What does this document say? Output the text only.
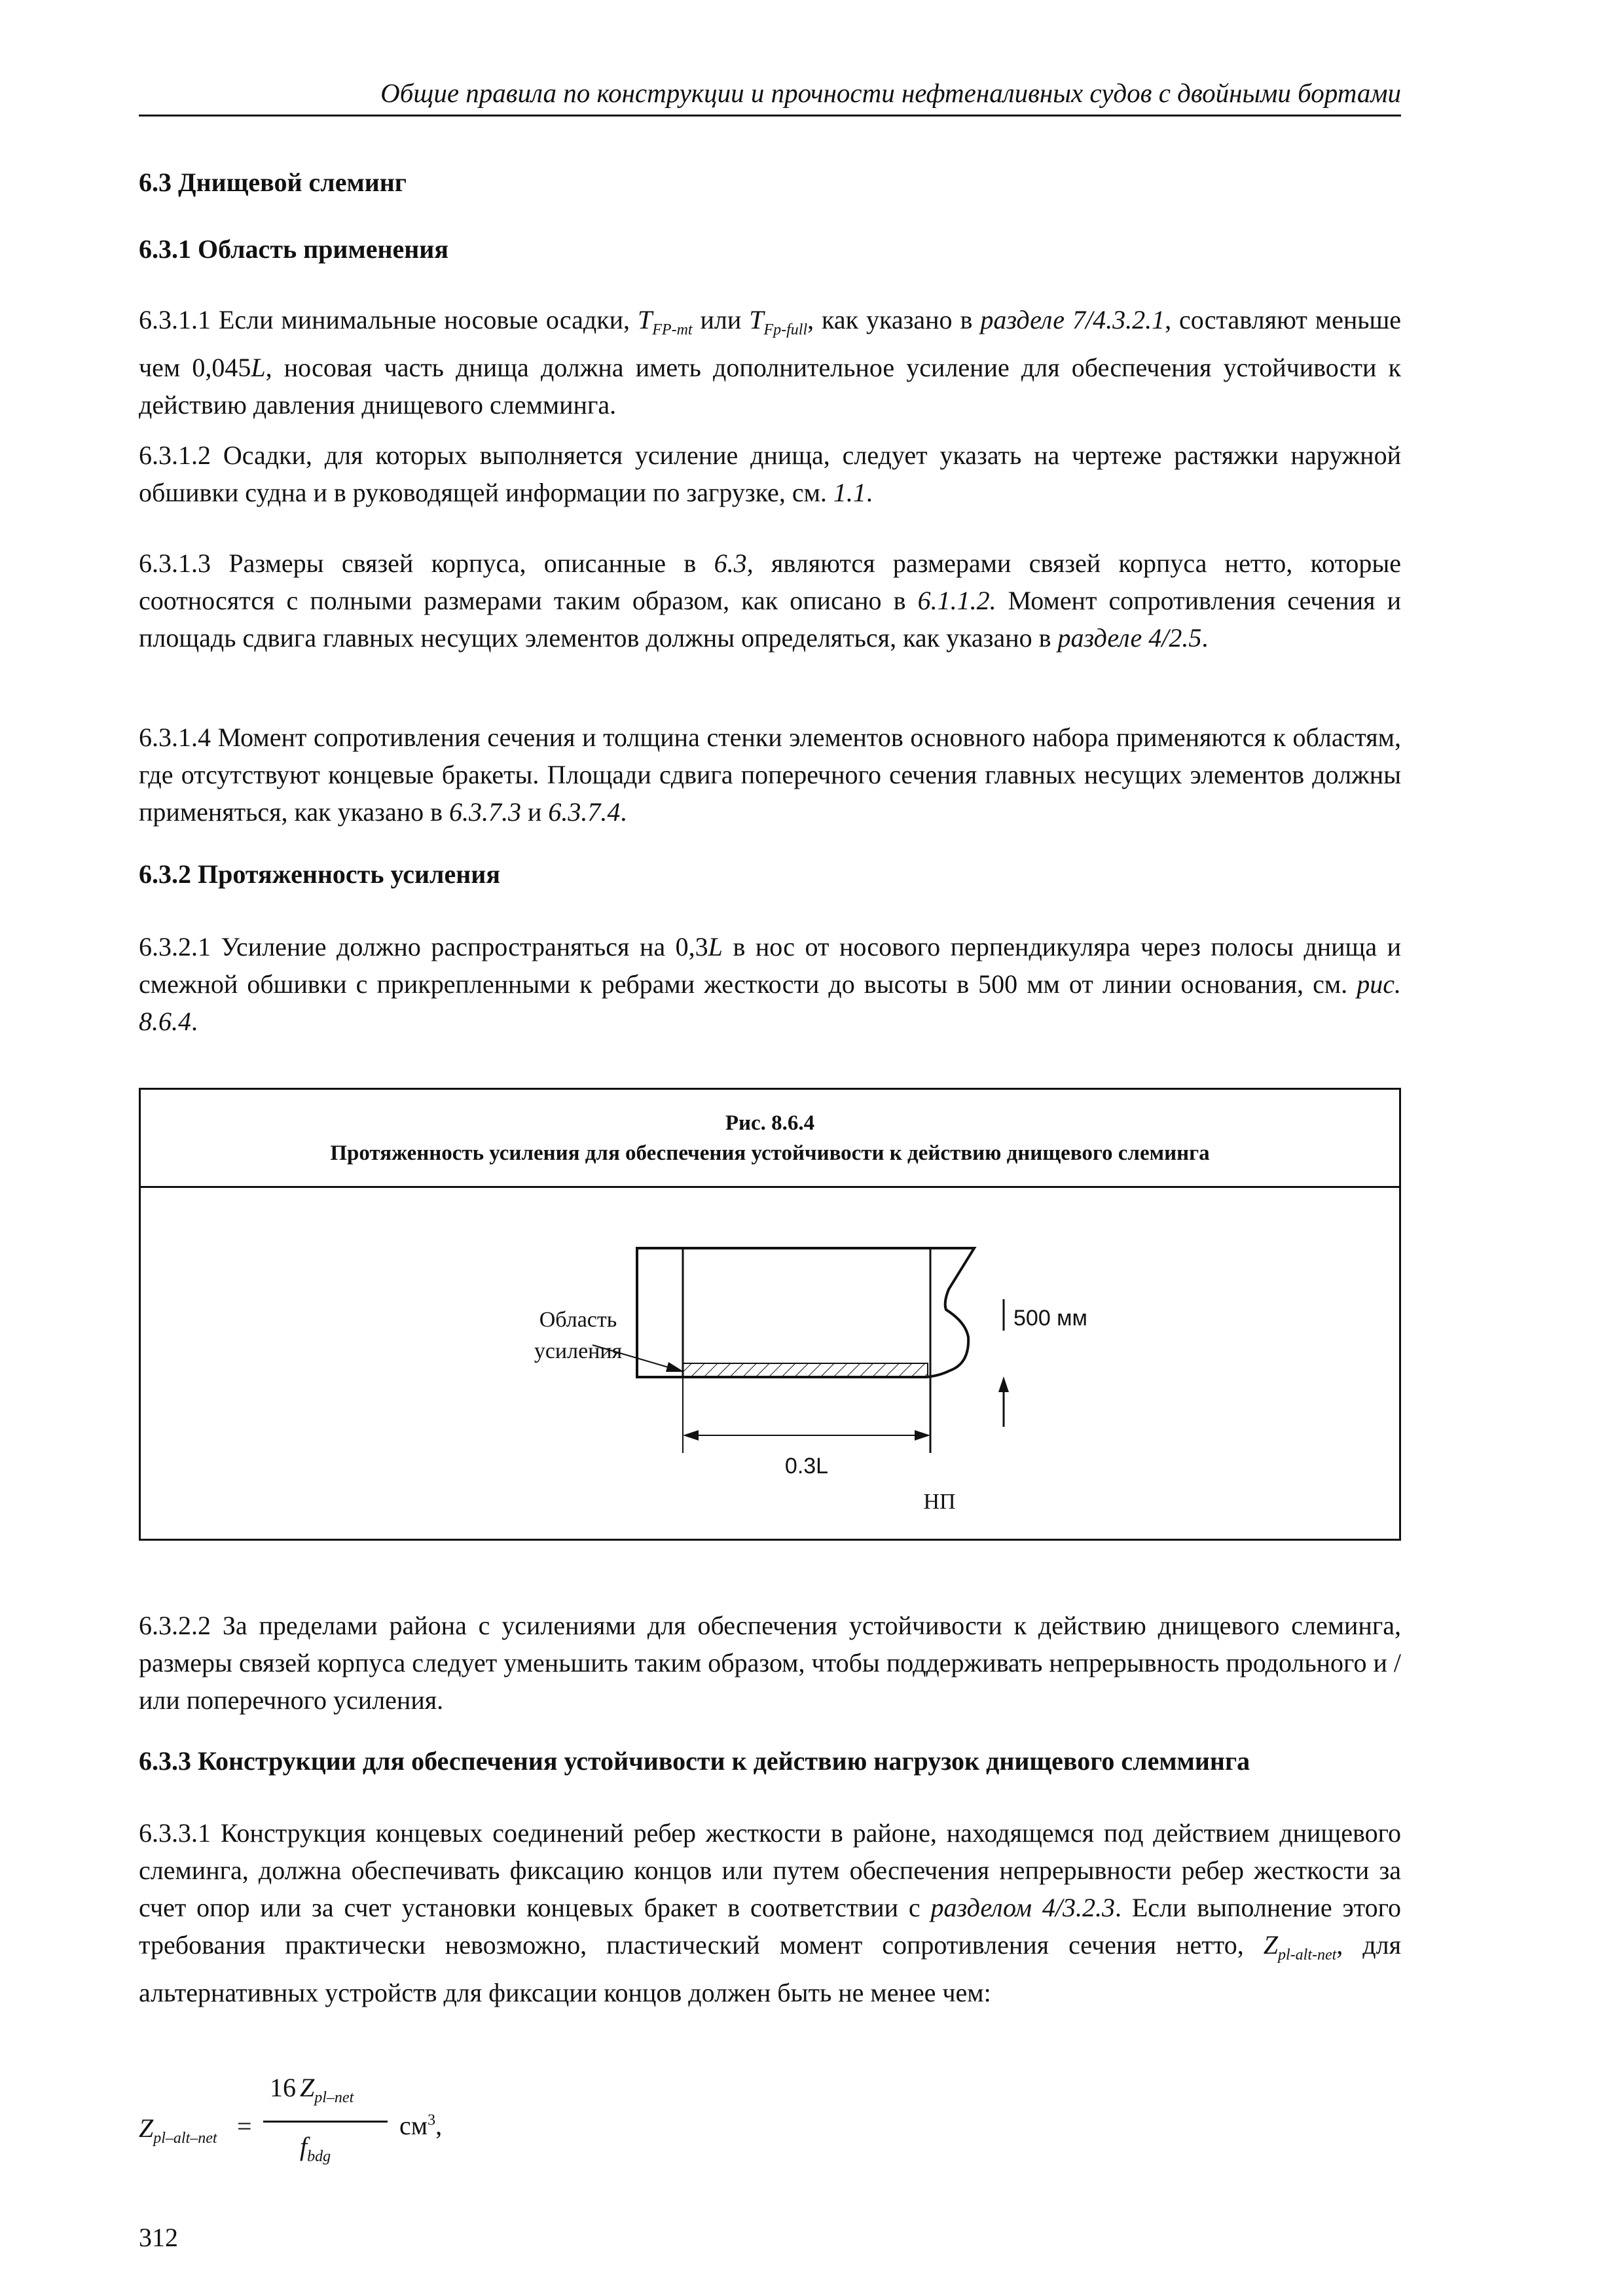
Общие правила по конструкции и прочности нефтеналивных судов с двойными бортами
6.3 Днищевой слеминг
6.3.1 Область применения

6.3.1.1 Если минимальные носовые осадки, $T_{FP-mt}$ или $T_{Fp-full}$, как указано в разделе 7/4.3.2.1, составляют меньше чем 0,045L, носовая часть днища должна иметь дополнительное усиление для обеспечения устойчивости к действию давления днищевого слемминга.

6.3.1.2 Осадки, для которых выполняется усиление днища, следует указать на чертеже растяжки наружной обшивки судна и в руководящей информации по загрузке, см. 1.1.

6.3.1.3 Размеры связей корпуса, описанные в 6.3, являются размерами связей корпуса нетто, которые соотносятся с полными размерами таким образом, как описано в 6.1.1.2. Момент сопротивления сечения и площадь сдвига главных несущих элементов должны определяться, как указано в разделе 4/2.5.

6.3.1.4 Момент сопротивления сечения и толщина стенки элементов основного набора применяются к областям, где отсутствуют концевые бракеты. Площади сдвига поперечного сечения главных несущих элементов должны применяться, как указано в 6.3.7.3 и 6.3.7.4.

6.3.2 Протяженность усиления

6.3.2.1 Усиление должно распространяться на 0,3L в нос от носового перпендикуляра через полосы днища и смежной обшивки с прикрепленными к ребрами жесткости до высоты в 500 мм от линии основания, см. рис. 8.6.4.

Рис. 8.6.4
Протяженность усиления для обеспечения устойчивости к действию днищевого слеминга
Область
усиления
500 мм
0.3L
НП

6.3.2.2 За пределами района с усилениями для обеспечения устойчивости к действию днищевого слеминга, размеры связей корпуса следует уменьшить таким образом, чтобы поддерживать непрерывность продольного и /или поперечного усиления.

6.3.3 Конструкции для обеспечения устойчивости к действию нагрузок днищевого слемминга

6.3.3.1 Конструкция концевых соединений ребер жесткости в районе, находящемся под действием днищевого слеминга, должна обеспечивать фиксацию концов или путем обеспечения непрерывности ребер жесткости за счет опор или за счет установки концевых бракет в соответствии с разделом 4/3.2.3. Если выполнение этого требования практически невозможно, пластический момент сопротивления сечения нетто, $Z_{pl-alt-net}$, для альтернативных устройств для фиксации концов должен быть не менее чем:

$Z_{pl-alt-net}$ =
16 $Z_{pl-net}$
$f_{bdg}$
$см^3$,
312
